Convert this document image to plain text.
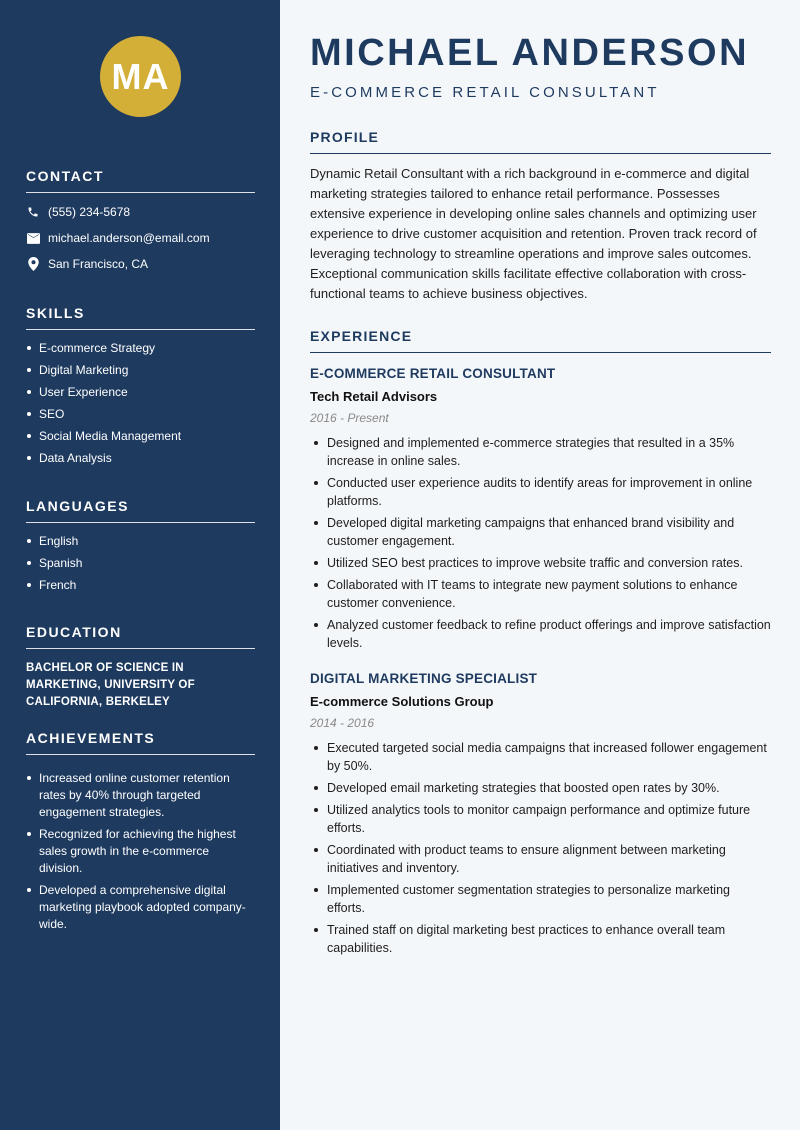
MA
CONTACT
(555) 234-5678
michael.anderson@email.com
San Francisco, CA
SKILLS
E-commerce Strategy
Digital Marketing
User Experience
SEO
Social Media Management
Data Analysis
LANGUAGES
English
Spanish
French
EDUCATION
BACHELOR OF SCIENCE IN MARKETING, UNIVERSITY OF CALIFORNIA, BERKELEY
ACHIEVEMENTS
Increased online customer retention rates by 40% through targeted engagement strategies.
Recognized for achieving the highest sales growth in the e-commerce division.
Developed a comprehensive digital marketing playbook adopted company-wide.
MICHAEL ANDERSON
E-COMMERCE RETAIL CONSULTANT
PROFILE
Dynamic Retail Consultant with a rich background in e-commerce and digital marketing strategies tailored to enhance retail performance. Possesses extensive experience in developing online sales channels and optimizing user experience to drive customer acquisition and retention. Proven track record of leveraging technology to streamline operations and improve sales outcomes. Exceptional communication skills facilitate effective collaboration with cross-functional teams to achieve business objectives.
EXPERIENCE
E-COMMERCE RETAIL CONSULTANT
Tech Retail Advisors
2016 - Present
Designed and implemented e-commerce strategies that resulted in a 35% increase in online sales.
Conducted user experience audits to identify areas for improvement in online platforms.
Developed digital marketing campaigns that enhanced brand visibility and customer engagement.
Utilized SEO best practices to improve website traffic and conversion rates.
Collaborated with IT teams to integrate new payment solutions to enhance customer convenience.
Analyzed customer feedback to refine product offerings and improve satisfaction levels.
DIGITAL MARKETING SPECIALIST
E-commerce Solutions Group
2014 - 2016
Executed targeted social media campaigns that increased follower engagement by 50%.
Developed email marketing strategies that boosted open rates by 30%.
Utilized analytics tools to monitor campaign performance and optimize future efforts.
Coordinated with product teams to ensure alignment between marketing initiatives and inventory.
Implemented customer segmentation strategies to personalize marketing efforts.
Trained staff on digital marketing best practices to enhance overall team capabilities.
